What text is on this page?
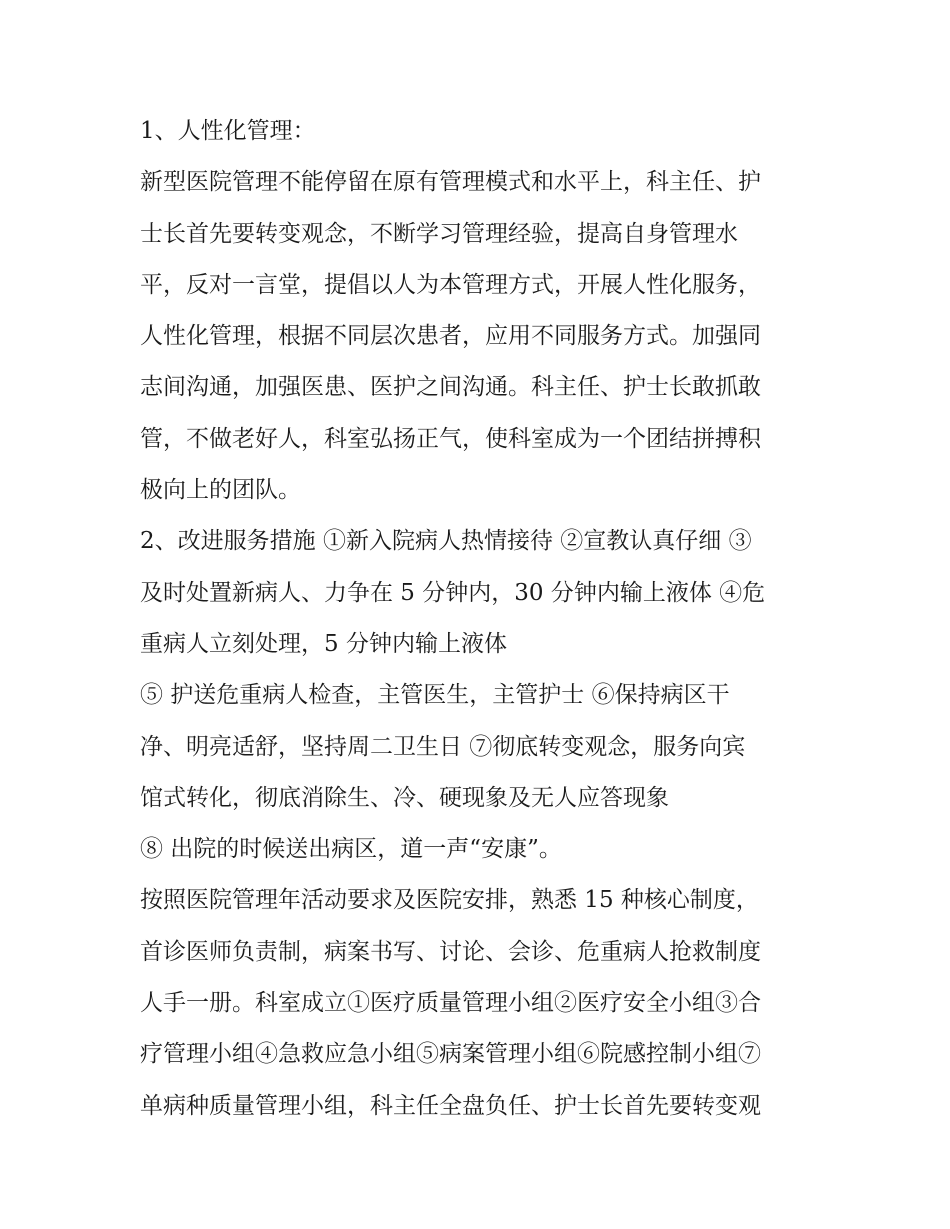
1、人性化管理：

新型医院管理不能停留在原有管理模式和水平上，科主任、护

士长首先要转变观念，不断学习管理经验，提高自身管理水

平，反对一言堂，提倡以人为本管理方式，开展人性化服务，

人性化管理，根据不同层次患者，应用不同服务方式。加强同

志间沟通，加强医患、医护之间沟通。科主任、护士长敢抓敢

管，不做老好人，科室弘扬正气，使科室成为一个团结拼搏积

极向上的团队。

2、改进服务措施 ①新入院病人热情接待 ②宣教认真仔细 ③

及时处置新病人、力争在 5 分钟内，30 分钟内输上液体 ④危

重病人立刻处理，5 分钟内输上液体

⑤ 护送危重病人检查，主管医生，主管护士 ⑥保持病区干

净、明亮适舒，坚持周二卫生日 ⑦彻底转变观念，服务向宾

馆式转化，彻底消除生、冷、硬现象及无人应答现象

⑧ 出院的时候送出病区，道一声“安康”。

按照医院管理年活动要求及医院安排，熟悉 15 种核心制度，

首诊医师负责制，病案书写、讨论、会诊、危重病人抢救制度

人手一册。科室成立①医疗质量管理小组②医疗安全小组③合

疗管理小组④急救应急小组⑤病案管理小组⑥院感控制小组⑦

单病种质量管理小组，科主任全盘负任、护士长首先要转变观
